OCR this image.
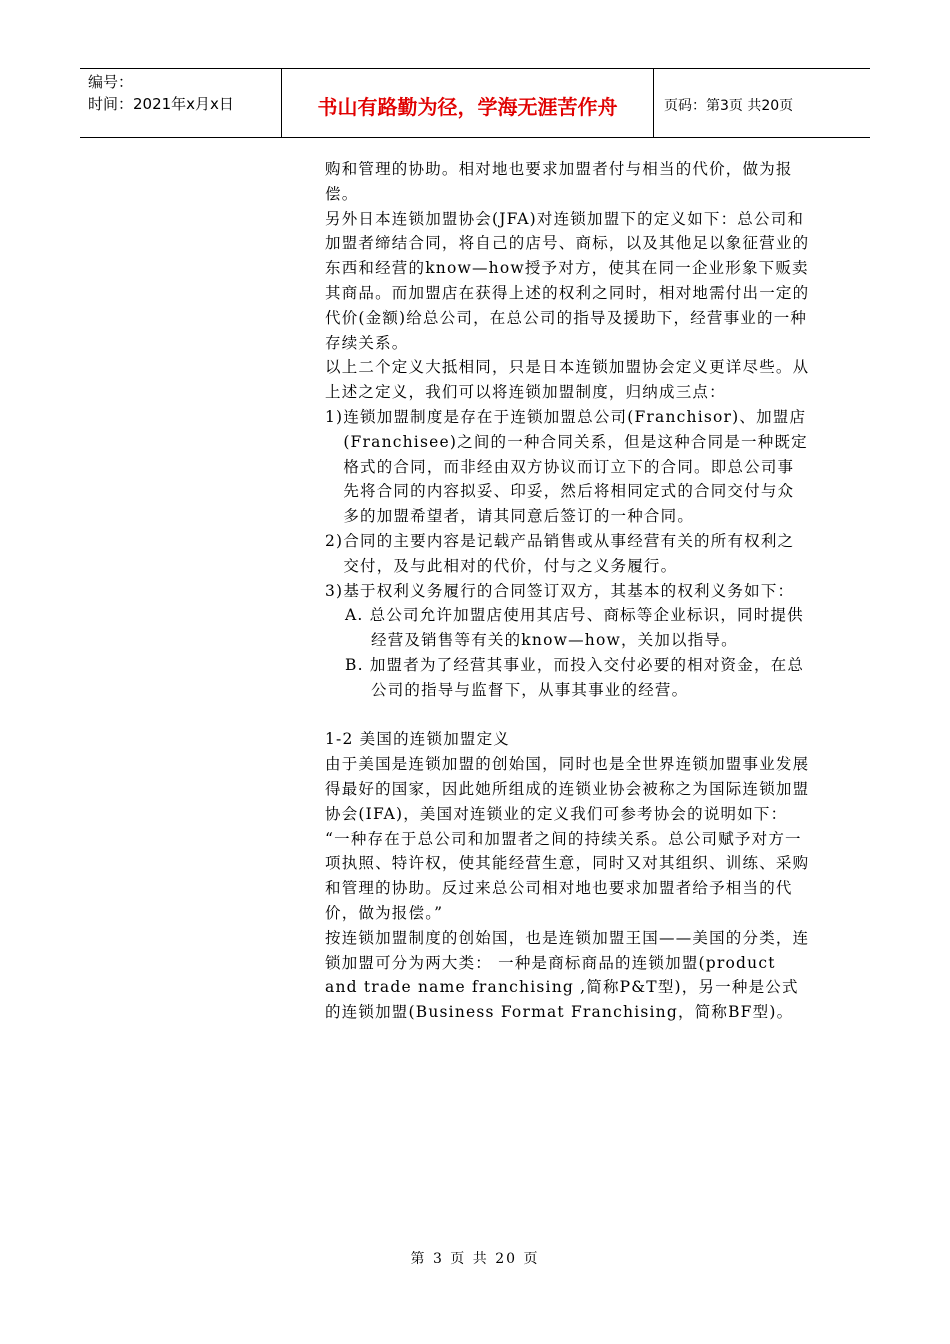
编号：
时间：2021年x月x日	书山有路勤为径，学海无涯苦作舟	页码：第3页 共20页

购和管理的协助。相对地也要求加盟者付与相当的代价，做为报偿。

另外日本连锁加盟协会(JFA)对连锁加盟下的定义如下：总公司和加盟者缔结合同，将自己的店号、商标，以及其他足以象征营业的东西和经营的know—how授予对方，使其在同一企业形象下贩卖其商品。而加盟店在获得上述的权利之同时，相对地需付出一定的代价(金额)给总公司，在总公司的指导及援助下，经营事业的一种存续关系。

以上二个定义大抵相同，只是日本连锁加盟协会定义更详尽些。从上述之定义，我们可以将连锁加盟制度，归纳成三点：

1) 连锁加盟制度是存在于连锁加盟总公司(Franchisor)、加盟店(Franchisee)之间的一种合同关系，但是这种合同是一种既定格式的合同，而非经由双方协议而订立下的合同。即总公司事先将合同的内容拟妥、印妥，然后将相同定式的合同交付与众多的加盟希望者，请其同意后签订的一种合同。
2) 合同的主要内容是记载产品销售或从事经营有关的所有权利之交付，及与此相对的代价，付与之义务履行。
3) 基于权利义务履行的合同签订双方，其基本的权利义务如下：

A. 总公司允许加盟店使用其店号、商标等企业标识，同时提供经营及销售等有关的know—how，关加以指导。

B. 加盟者为了经营其事业，而投入交付必要的相对资金，在总公司的指导与监督下，从事其事业的经营。

1-2 美国的连锁加盟定义

由于美国是连锁加盟的创始国，同时也是全世界连锁加盟事业发展得最好的国家，因此她所组成的连锁业协会被称之为国际连锁加盟协会(IFA)，美国对连锁业的定义我们可参考协会的说明如下：

“一种存在于总公司和加盟者之间的持续关系。总公司赋予对方一项执照、特许权，使其能经营生意，同时又对其组织、训练、采购

和管理的协助。反过来总公司相对地也要求加盟者给予相当的代

价，做为报偿。”

按连锁加盟制度的创始国，也是连锁加盟王国——美国的分类，连锁加盟可分为两大类： 一种是商标商品的连锁加盟(product and trade name franchising ,简称P&T型)，另一种是公式的连锁加盟(Business Format Franchising，简称BF型)。

第 3 页 共 20 页
